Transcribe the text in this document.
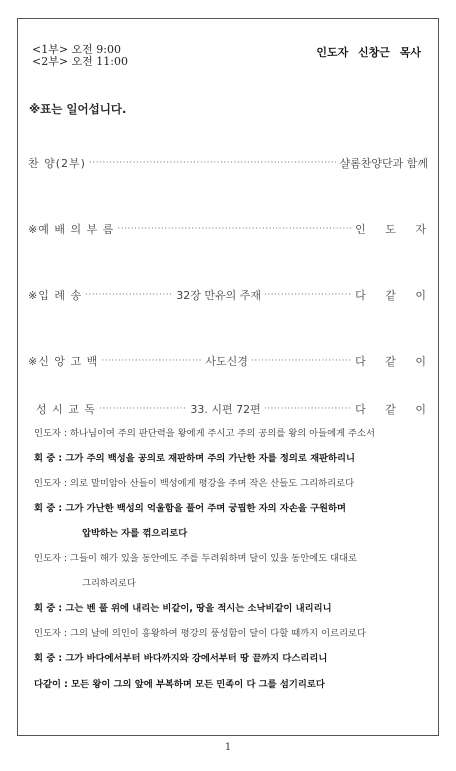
<1부> 오전 9:00
<2부> 오전 11:00
인도자 신창근 목사
※표는 일어섭니다.
찬 양(2부) ·····	샬롬찬양단과 함께
※예 배 의 부 름 ·····	인 도 자
※입 례 송 ·····	32장 만유의 주재 ·····	다 같 이
※신 앙 고 백 ·····	사도신경 ·····	다 같 이
성 시 교 독 ·····	33. 시편 72편 ·····	다 같 이
인도자 : 하나님이여 주의 판단력을 왕에게 주시고 주의 공의를 왕의 아들에게 주소서
회 중 : 그가 주의 백성을 공의로 재판하며 주의 가난한 자를 정의로 재판하리니
인도자 : 의로 말미암아 산들이 백성에게 평강을 주며 작은 산들도 그리하리로다
회 중 : 그가 가난한 백성의 억울함을 풀어 주며 궁핍한 자의 자손을 구원하며
압박하는 자를 꺾으리로다
인도자 : 그들이 해가 있을 동안에도 주를 두려워하며 달이 있을 동안에도 대대로
그리하리로다
회 중 : 그는 벤 풀 위에 내리는 비같이, 땅을 적시는 소낙비같이 내리리니
인도자 : 그의 날에 의인이 흥왕하여 평강의 풍성함이 달이 다할 때까지 이르리로다
회 중 : 그가 바다에서부터 바다까지와 강에서부터 땅 끝까지 다스리리니
다같이 : 모든 왕이 그의 앞에 부복하며 모든 민족이 다 그를 섬기리로다
1
